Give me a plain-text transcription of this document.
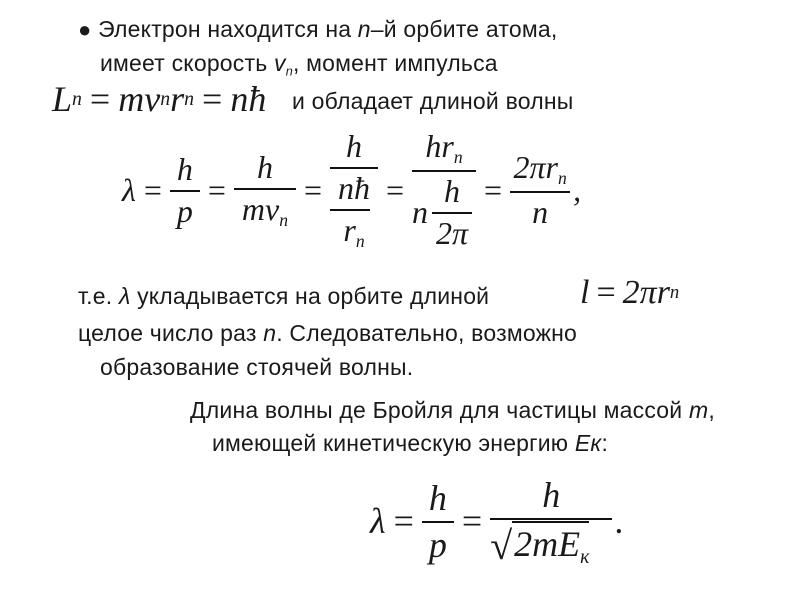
● Электрон находится на n–й орбите атома,
имеет скорость $v_n$, момент импульса
L n = m v n r n = n ħ и обладает длиной волны
$\lambda = \frac{h}{p} = \frac{h}{mv_n} = h$
nħ
$r_n = \frac{hr_n}{n \frac{h}{2\pi}} = \frac{2\pi r_n}{n}$ ,
т.е. λ укладывается на орбите длиной	l = 2π r n
целое число раз n. Следовательно, возможно
образование стоячей волны.
Длина волны де Бройля для частицы массой m,
имеющей кинетическую энергию Ек:
$\lambda = \frac{h}{p} = \frac{h}{√ 2mE_к}$ .
